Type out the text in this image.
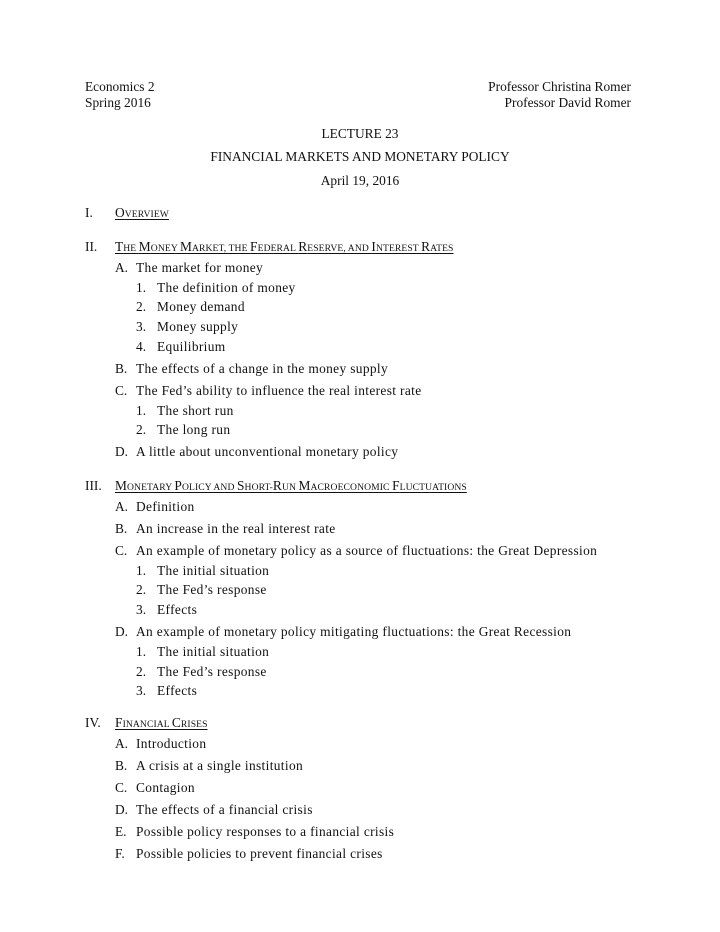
Economics 2
Spring 2016
Professor Christina Romer
Professor David Romer
LECTURE 23
FINANCIAL MARKETS AND MONETARY POLICY
April 19, 2016
I.	OVERVIEW
II.	THE MONEY MARKET, THE FEDERAL RESERVE, AND INTEREST RATES
A. The market for money
1. The definition of money
2. Money demand
3. Money supply
4. Equilibrium
B. The effects of a change in the money supply
C. The Fed’s ability to influence the real interest rate
1. The short run
2. The long run
D. A little about unconventional monetary policy
III. MONETARY POLICY AND SHORT-RUN MACROECONOMIC FLUCTUATIONS
A. Definition
B. An increase in the real interest rate
C. An example of monetary policy as a source of fluctuations: the Great Depression
1. The initial situation
2. The Fed’s response
3. Effects
D. An example of monetary policy mitigating fluctuations: the Great Recession
1. The initial situation
2. The Fed’s response
3. Effects
IV.	FINANCIAL CRISES
A. Introduction
B. A crisis at a single institution
C. Contagion
D. The effects of a financial crisis
E. Possible policy responses to a financial crisis
F. Possible policies to prevent financial crises
